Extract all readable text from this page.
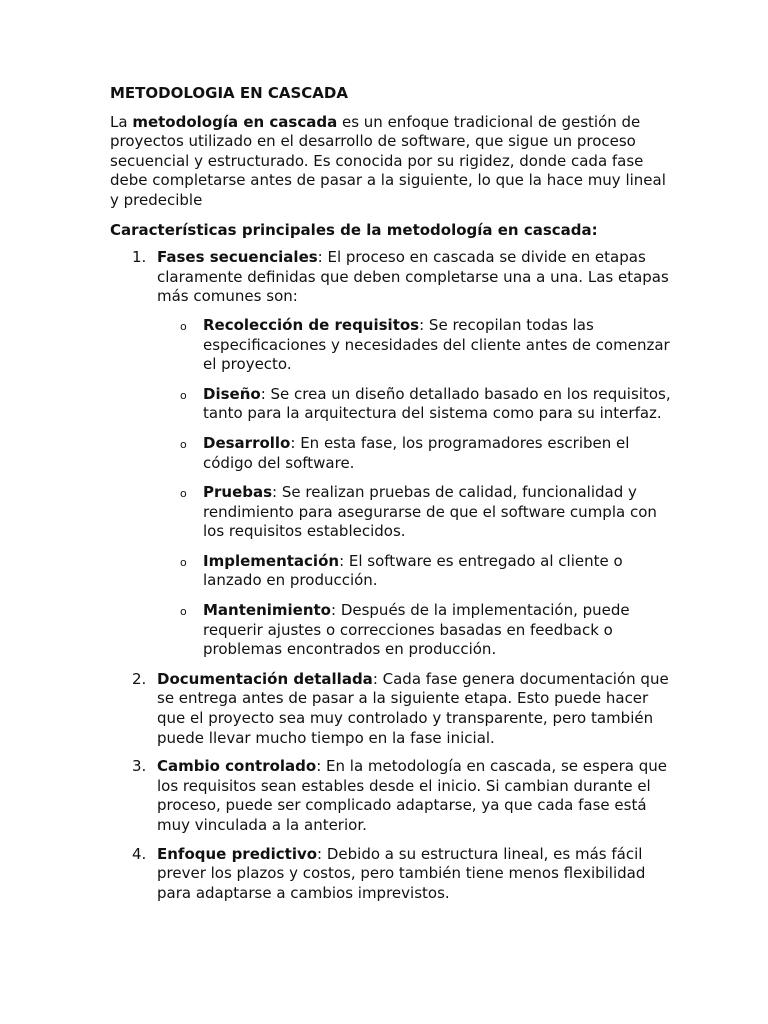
METODOLOGIA EN CASCADA

La metodología en cascada es un enfoque tradicional de gestión de proyectos utilizado en el desarrollo de software, que sigue un proceso secuencial y estructurado. Es conocida por su rigidez, donde cada fase debe completarse antes de pasar a la siguiente, lo que la hace muy lineal y predecible

Características principales de la metodología en cascada:

1. Fases secuenciales: El proceso en cascada se divide en etapas claramente definidas que deben completarse una a una. Las etapas más comunes son:
o Recolección de requisitos: Se recopilan todas las especificaciones y necesidades del cliente antes de comenzar el proyecto.
o Diseño: Se crea un diseño detallado basado en los requisitos, tanto para la arquitectura del sistema como para su interfaz.
o Desarrollo: En esta fase, los programadores escriben el código del software.
o Pruebas: Se realizan pruebas de calidad, funcionalidad y rendimiento para asegurarse de que el software cumpla con los requisitos establecidos.
o Implementación: El software es entregado al cliente o lanzado en producción.
o Mantenimiento: Después de la implementación, puede requerir ajustes o correcciones basadas en feedback o problemas encontrados en producción.
2. Documentación detallada: Cada fase genera documentación que se entrega antes de pasar a la siguiente etapa. Esto puede hacer que el proyecto sea muy controlado y transparente, pero también puede llevar mucho tiempo en la fase inicial.
3. Cambio controlado: En la metodología en cascada, se espera que los requisitos sean estables desde el inicio. Si cambian durante el proceso, puede ser complicado adaptarse, ya que cada fase está muy vinculada a la anterior.
4. Enfoque predictivo: Debido a su estructura lineal, es más fácil prever los plazos y costos, pero también tiene menos flexibilidad para adaptarse a cambios imprevistos.
